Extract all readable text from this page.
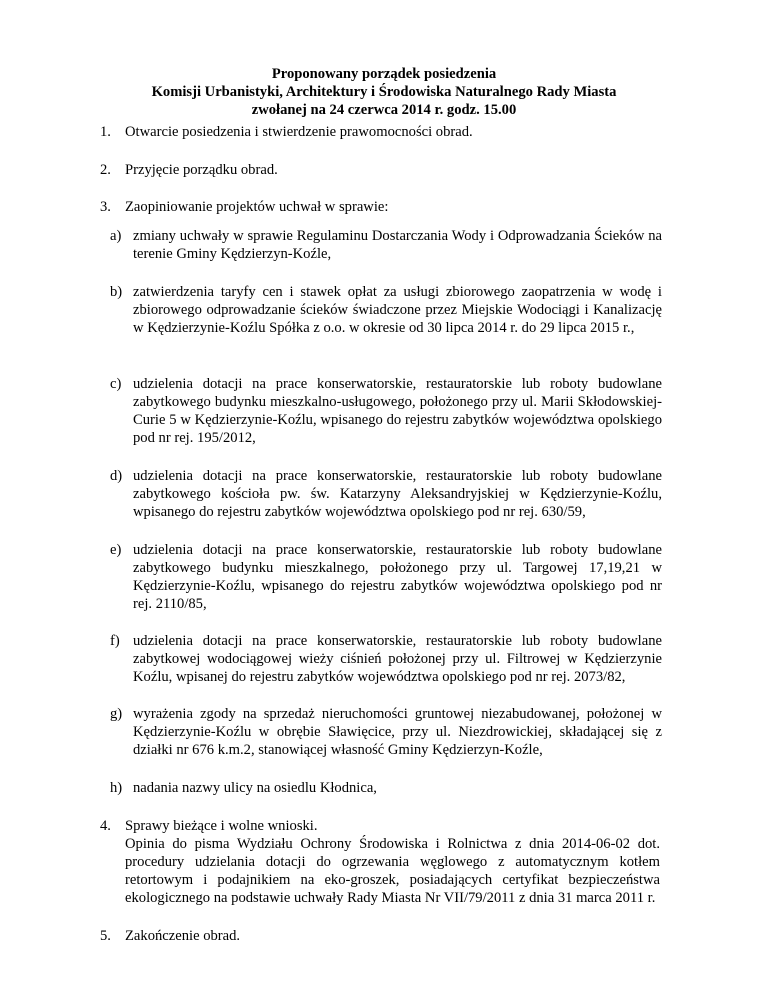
Proponowany porządek posiedzenia
Komisji Urbanistyki, Architektury i Środowiska Naturalnego Rady Miasta
zwołanej na 24 czerwca 2014 r. godz. 15.00
1. Otwarcie posiedzenia i stwierdzenie prawomocności obrad.
2. Przyjęcie porządku obrad.
3. Zaopiniowanie projektów uchwał w sprawie:
a) zmiany uchwały w sprawie Regulaminu Dostarczania Wody i Odprowadzania Ścieków na terenie Gminy Kędzierzyn-Koźle,
b) zatwierdzenia taryfy cen i stawek opłat za usługi zbiorowego zaopatrzenia w wodę i zbiorowego odprowadzanie ścieków świadczone przez Miejskie Wodociągi i Kanalizację w Kędzierzynie-Koźlu Spółka z o.o. w okresie od 30 lipca 2014 r. do 29 lipca 2015 r.,
c) udzielenia dotacji na prace konserwatorskie, restauratorskie lub roboty budowlane zabytkowego budynku mieszkalno-usługowego, położonego przy ul. Marii Skłodowskiej-Curie 5 w Kędzierzynie-Koźlu, wpisanego do rejestru zabytków województwa opolskiego pod nr rej. 195/2012,
d) udzielenia dotacji na prace konserwatorskie, restauratorskie lub roboty budowlane zabytkowego kościoła pw. św. Katarzyny Aleksandryjskiej w Kędzierzynie-Koźlu, wpisanego do rejestru zabytków województwa opolskiego pod nr rej. 630/59,
e) udzielenia dotacji na prace konserwatorskie, restauratorskie lub roboty budowlane zabytkowego budynku mieszkalnego, położonego przy ul. Targowej 17,19,21 w Kędzierzynie-Koźlu, wpisanego do rejestru zabytków województwa opolskiego pod nr rej. 2110/85,
f) udzielenia dotacji na prace konserwatorskie, restauratorskie lub roboty budowlane zabytkowej wodociągowej wieży ciśnień położonej przy ul. Filtrowej w Kędzierzynie Koźlu, wpisanej do rejestru zabytków województwa opolskiego pod nr rej. 2073/82,
g) wyrażenia zgody na sprzedaż nieruchomości gruntowej niezabudowanej, położonej w Kędzierzynie-Koźlu w obrębie Sławięcice, przy ul. Niezdrowickiej, składającej się z działki nr 676 k.m.2, stanowiącej własność Gminy Kędzierzyn-Koźle,
h) nadania nazwy ulicy na osiedlu Kłodnica,
4. Sprawy bieżące i wolne wnioski.
Opinia do pisma Wydziału Ochrony Środowiska i Rolnictwa z dnia 2014-06-02 dot. procedury udzielania dotacji do ogrzewania węglowego z automatycznym kotłem retortowym i podajnikiem na eko-groszek, posiadających certyfikat bezpieczeństwa ekologicznego na podstawie uchwały Rady Miasta Nr VII/79/2011 z dnia 31 marca 2011 r.
5. Zakończenie obrad.
